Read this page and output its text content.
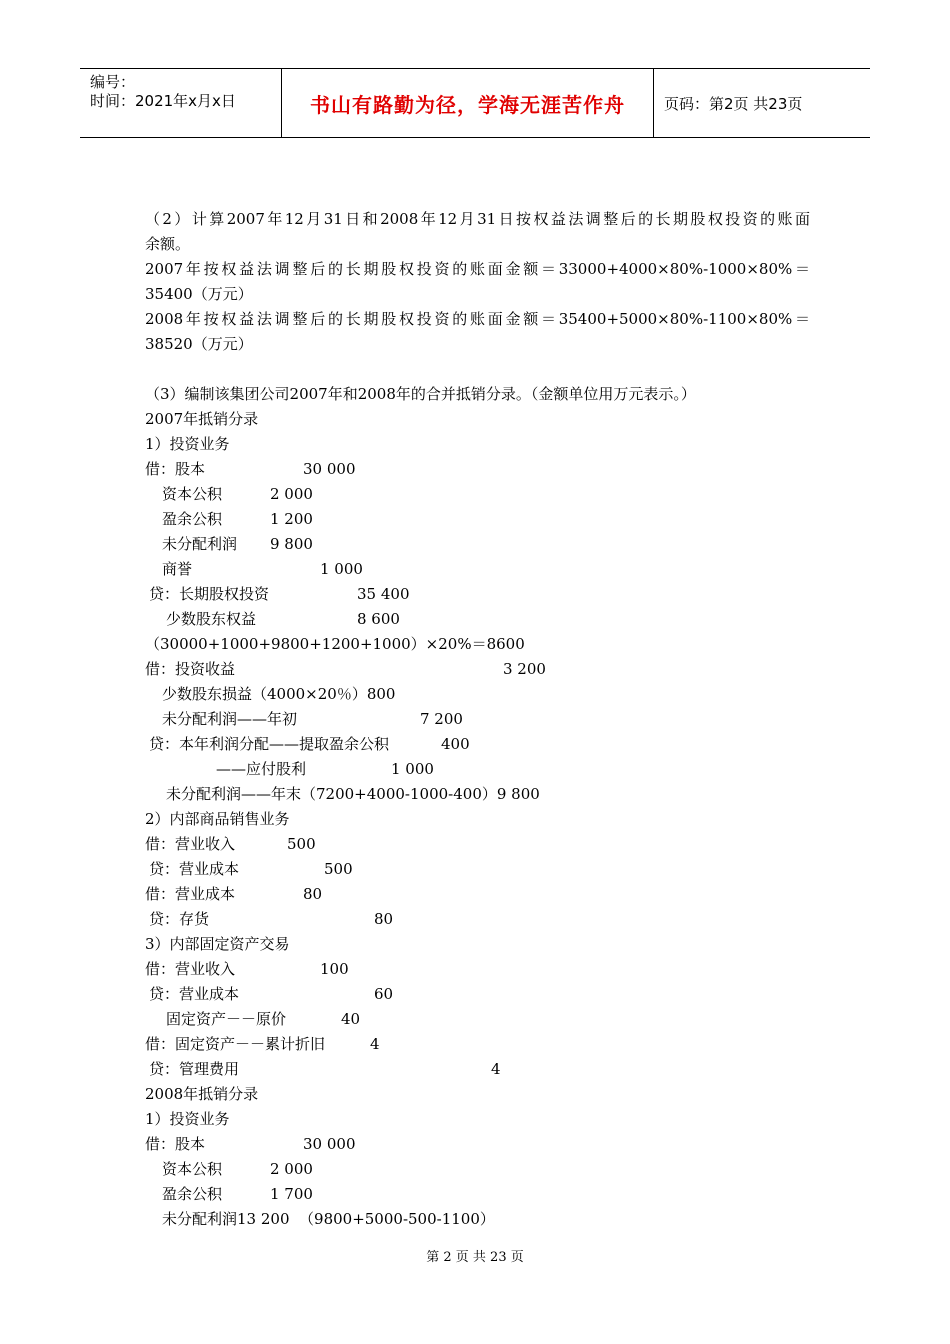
编号：
时间：2021年x月x日	书山有路勤为径，学海无涯苦作舟	页码：第2页 共23页
（2）计算2007年12月31日和2008年12月31日按权益法调整后的长期股权投资的账面
余额。
2007年按权益法调整后的长期股权投资的账面金额＝33000+4000×80%-1000×80%＝
35400（万元）
2008年按权益法调整后的长期股权投资的账面金额＝35400+5000×80%-1100×80%＝
38520（万元）
（3）编制该集团公司2007年和2008年的合并抵销分录。（金额单位用万元表示。）
2007年抵销分录
1）投资业务
借：股本	30 000
资本公积	2 000
盈余公积	1 200
未分配利润 9 800
商誉	1 000
贷：长期股权投资	35 400
少数股东权益	8 600
（30000+1000+9800+1200+1000）×20%＝8600
借：投资收益	3 200
少数股东损益（4000×20％）800
未分配利润——年初	7 200
贷：本年利润分配——提取盈余公积	400
——应付股利	1 000
未分配利润——年末（7200+4000-1000-400）9 800
2）内部商品销售业务
借：营业收入	500
贷：营业成本	500
借：营业成本	80
贷：存货	80
3）内部固定资产交易
借：营业收入	100
贷：营业成本	60
固定资产－－原价	40
借：固定资产－－累计折旧	4
贷：管理费用	4
2008年抵销分录
1）投资业务
借：股本	30 000
资本公积	2 000
盈余公积	1 700
未分配利润13 200  （9800+5000-500-1100）
第 2 页 共 23 页
